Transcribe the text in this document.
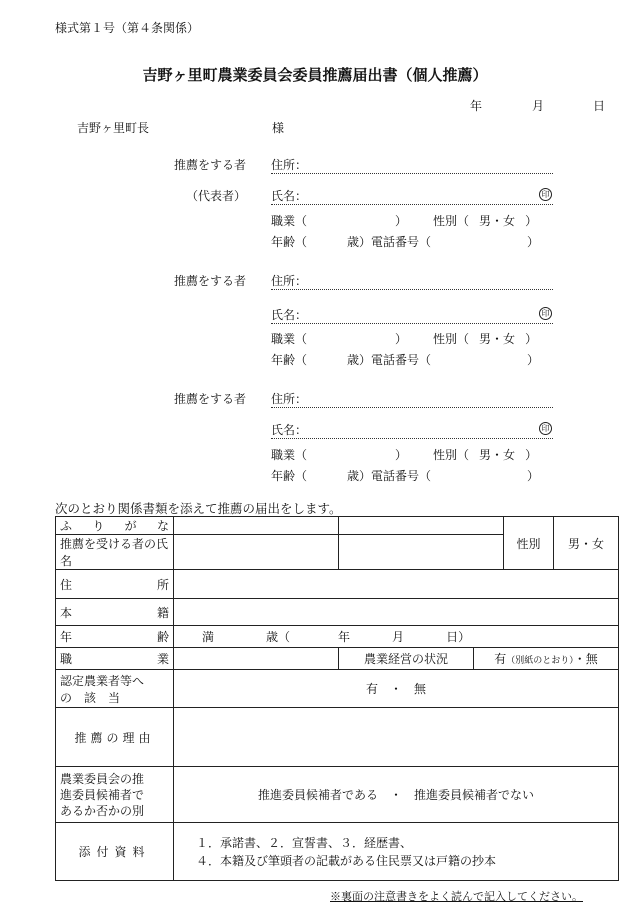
様式第１号（第４条関係）
吉野ヶ里町農業委員会委員推薦届出書（個人推薦）
年	月	日
吉野ヶ里町長	様
推薦をする者 住所：
（代表者） 氏名：	印
職業（	） 性別（ 男・女 ）
年齢（	歳）電話番号（	）
推薦をする者 住所：
氏名：	印
職業（	） 性別（ 男・女 ）
年齢（	歳）電話番号（	）
推薦をする者 住所：
氏名：	印
職業（	） 性別（ 男・女 ）
年齢（	歳）電話番号（	）
次のとおり関係書類を添えて推薦の届出をします。
ふりがな				性別	男・女
推薦を受ける者の氏名					
住所					
本籍					
年齢	満 歳（ 年 月 日）				
職業		農業経営の状況	有（別紙のとおり）・無		

認定農業者等へ
の　該　当	有　・　無				
推薦の理由					

農業委員会の推
進委員候補者で
あるか否かの別	推進委員候補者である　・　推進委員候補者でない				
添付資料	１．承諾書、２．宣誓書、３．経歴書、
４．本籍及び筆頭者の記載がある住民票又は戸籍の抄本				
※裏面の注意書きをよく読んで記入してください。
